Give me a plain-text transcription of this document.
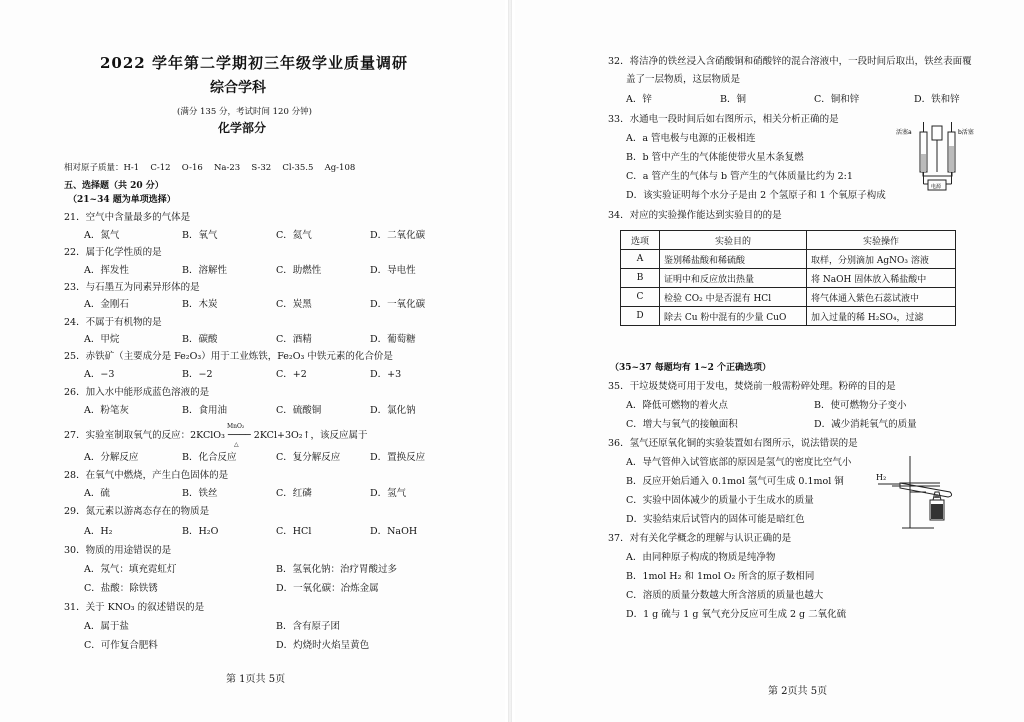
2022 学年第二学期初三年级学业质量调研
综合学科
(满分 135 分，考试时间 120 分钟)
化学部分
相对原子质量：H-1　 C-12　 O-16　 Na-23　 S-32　 Cl-35.5　 Ag-108
五、选择题（共 20 分）
（21~34 题为单项选择）
21．空气中含量最多的气体是
A．氮气	B．氧气	C．氦气	D．二氧化碳
22．属于化学性质的是
A．挥发性	B．溶解性	C．助燃性	D．导电性
23．与石墨互为同素异形体的是
A．金刚石	B．木炭	C．炭黑	D．一氧化碳
24．不属于有机物的是
A．甲烷	B．碳酸	C．酒精	D．葡萄糖
25．赤铁矿（主要成分是 Fe₂O₃）用于工业炼铁，Fe₂O₃ 中铁元素的化合价是
A．−3	B．−2	C．+2	D．+3
26．加入水中能形成蓝色溶液的是
A．粉笔灰	B．食用油	C．硫酸铜	D．氯化钠
MnO₂
△
27．实验室制取氧气的反应：2KClO₃ ──── 2KCl+3O₂↑，该反应属于
A．分解反应	B．化合反应	C．复分解反应	D．置换反应
28．在氧气中燃烧，产生白色固体的是
A．硫	B．铁丝	C．红磷	D．氢气
29．氮元素以游离态存在的物质是
A．H₂	B．H₂O	C．HCl	D．NaOH
30．物质的用途错误的是
A．氖气：填充霓虹灯	B．氢氧化钠：治疗胃酸过多
C．盐酸：除铁锈	D．一氧化碳：冶炼金属
31．关于 KNO₃ 的叙述错误的是
A．属于盐	B．含有原子团
C．可作复合肥料	D．灼烧时火焰呈黄色
第 1页共 5页
32．将洁净的铁丝浸入含硝酸铜和硝酸锌的混合溶液中，一段时间后取出，铁丝表面覆
盖了一层物质，这层物质是
A．锌	B．铜	C．铜和锌	D．铁和锌
33．水通电一段时间后如右图所示，相关分析正确的是
A．a 管电极与电源的正极相连
B．b 管中产生的气体能使带火星木条复燃
C．a 管产生的气体与 b 管产生的气体质量比约为 2:1
D．该实验证明每个水分子是由 2 个氢原子和 1 个氧原子构成
活塞a	b活塞
电源
34．对应的实验操作能达到实验目的的是
选项	实验目的	实验操作
A	鉴别稀盐酸和稀硫酸	取样，分别滴加 AgNO₃ 溶液
B	证明中和反应放出热量	将 NaOH 固体放入稀盐酸中
C	检验 CO₂ 中是否混有 HCl	将气体通入紫色石蕊试液中
D	除去 Cu 粉中混有的少量 CuO	加入过量的稀 H₂SO₄，过滤
（35~37 每题均有 1~2 个正确选项）
35．干垃圾焚烧可用于发电，焚烧前一般需粉碎处理。粉碎的目的是
A．降低可燃物的着火点	B．使可燃物分子变小
C．增大与氧气的接触面积	D．减少消耗氧气的质量
36．氢气还原氧化铜的实验装置如右图所示，说法错误的是
A．导气管伸入试管底部的原因是氢气的密度比空气小
B．反应开始后通入 0.1mol 氢气可生成 0.1mol 铜
C．实验中固体减少的质量小于生成水的质量
D．实验结束后试管内的固体可能是暗红色
H₂
37．对有关化学概念的理解与认识正确的是
A．由同种原子构成的物质是纯净物
B．1mol H₂ 和 1mol O₂ 所含的原子数相同
C．溶质的质量分数越大所含溶质的质量也越大
D．1 g 硫与 1 g 氧气充分反应可生成 2 g 二氧化硫
第 2页共 5页
